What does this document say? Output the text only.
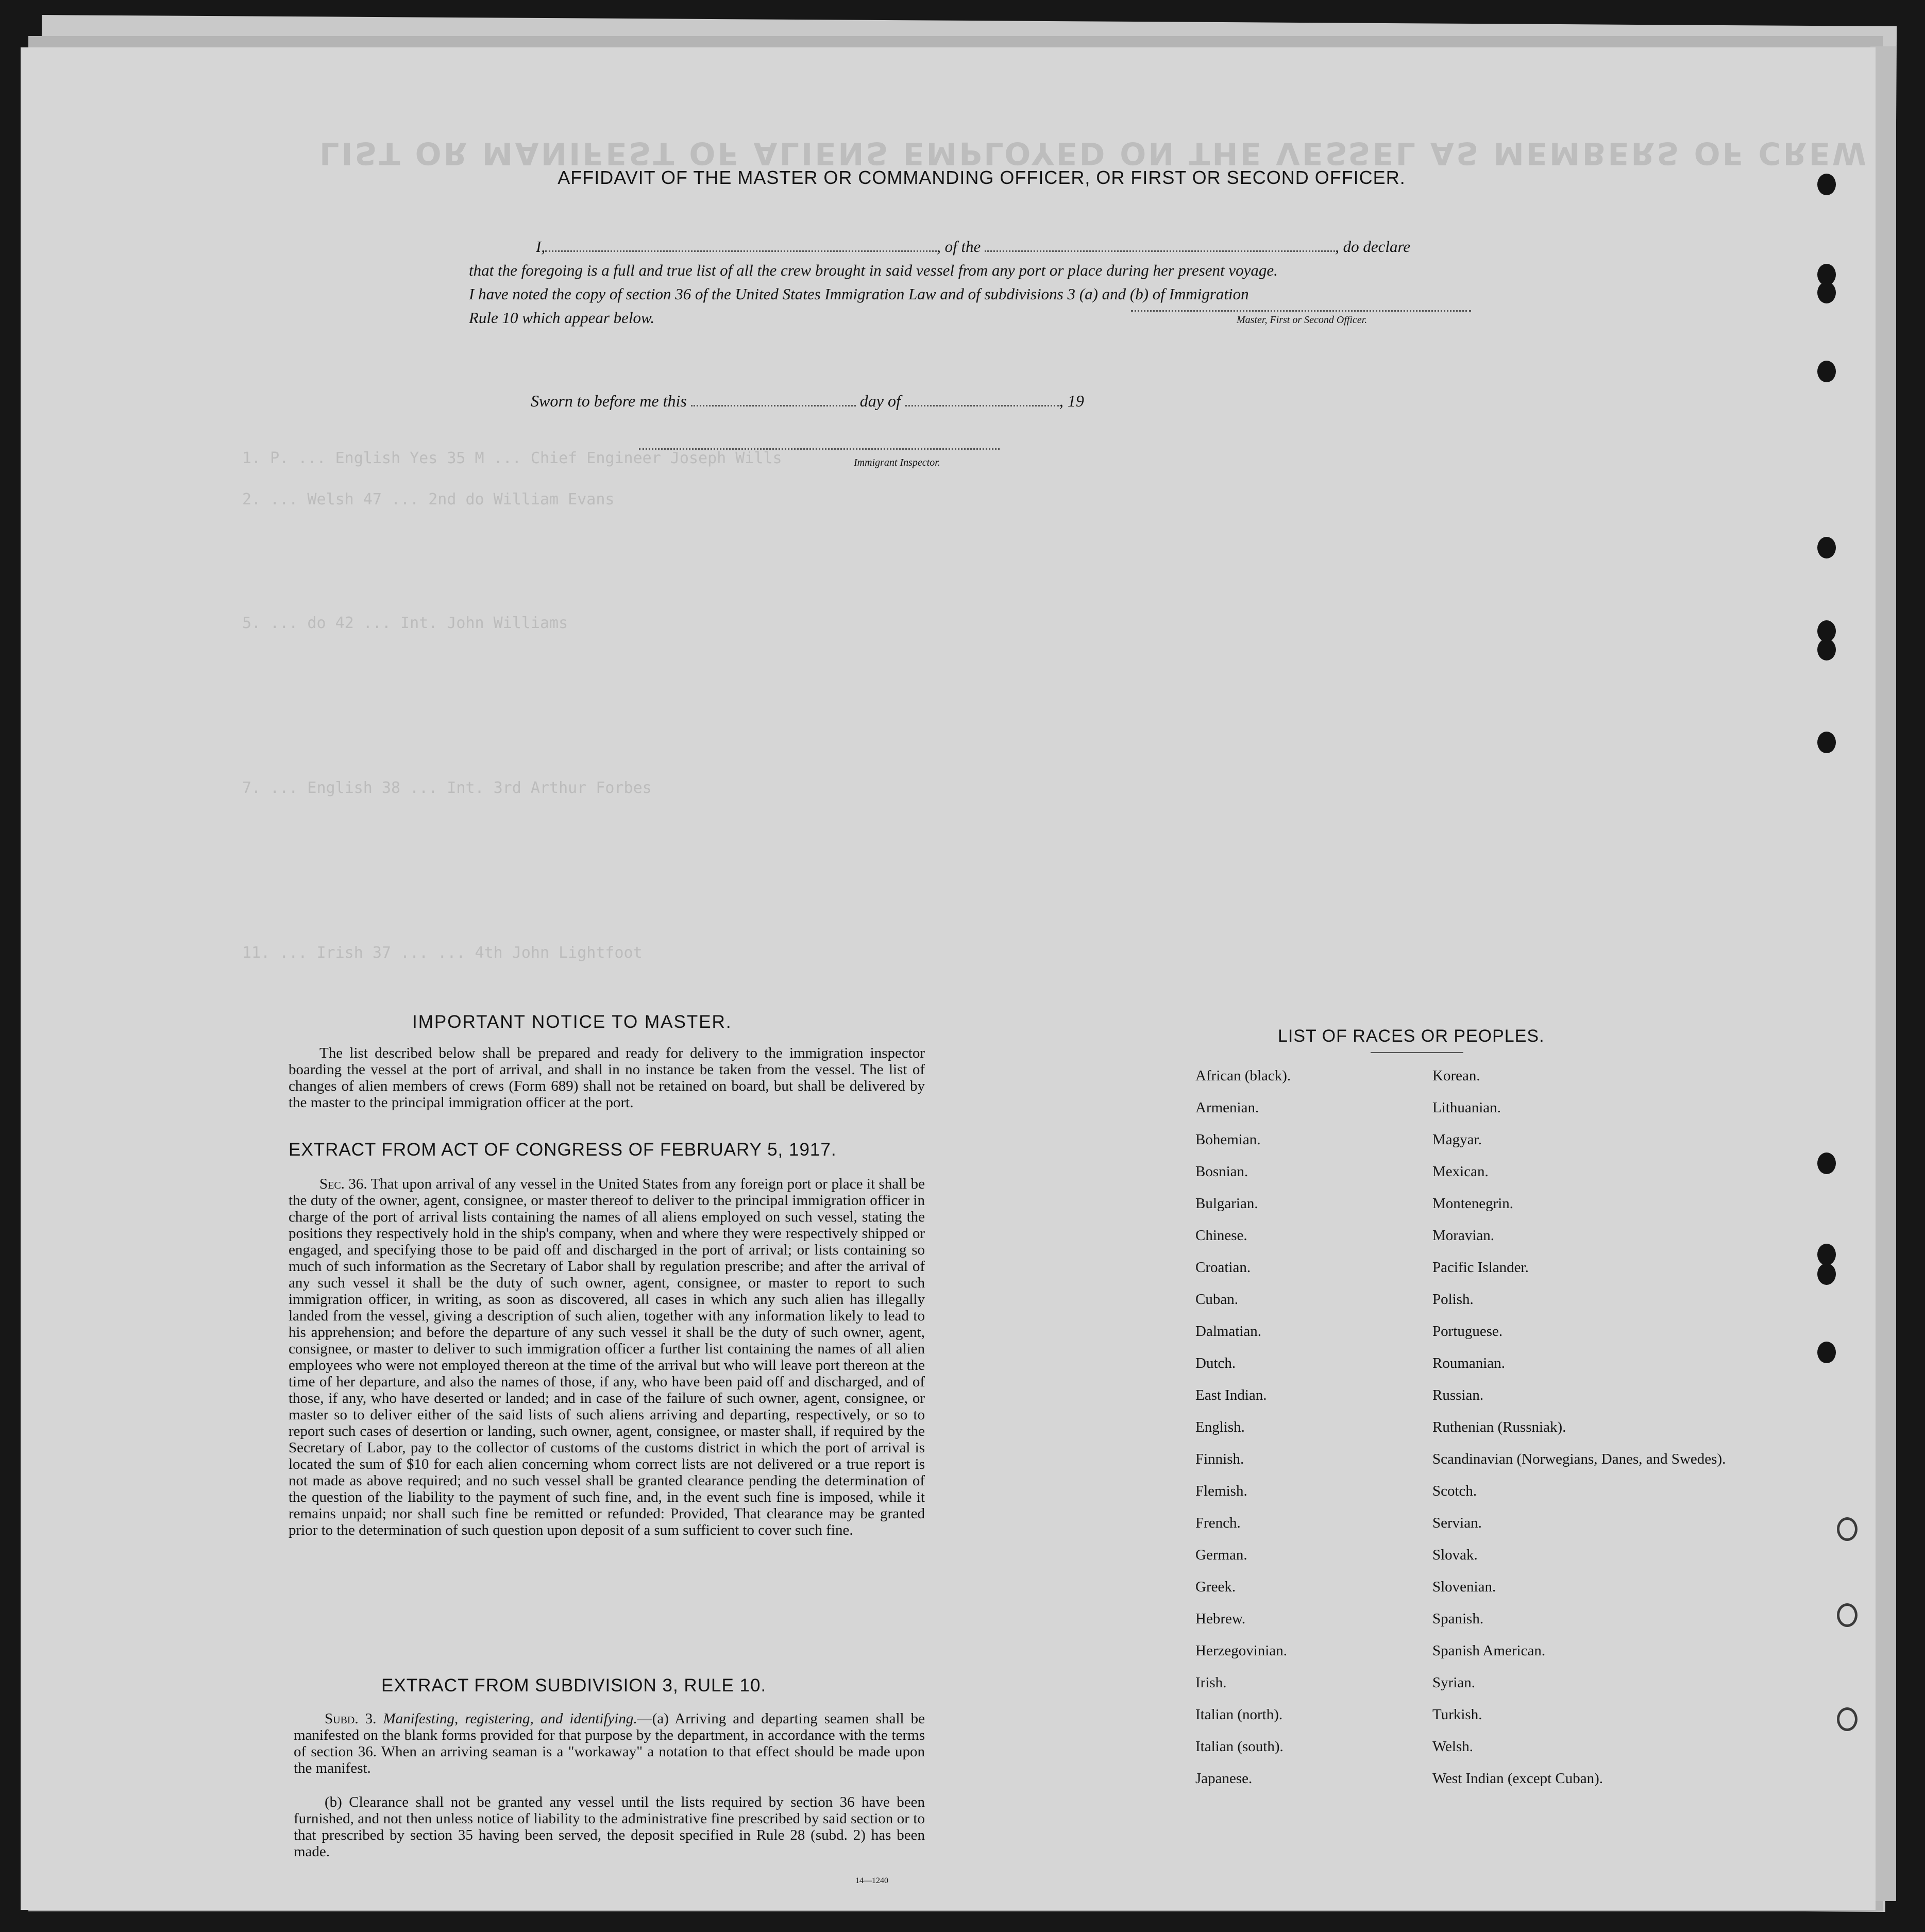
LIST OR MANIFEST OF ALIENS EMPLOYED ON THE VESSEL AS MEMBERS OF CREW
1. P. ... English Yes 35 M ... Chief Engineer Joseph Wills
2. ... Welsh 47 ... 2nd do William Evans
5. ... do 42 ... Int. John Williams
7. ... English 38 ... Int. 3rd Arthur Forbes
11. ... Irish 37 ... ... 4th John Lightfoot
AFFIDAVIT OF THE MASTER OR COMMANDING OFFICER, OR FIRST OR SECOND OFFICER.
I,	, of the	, do declare
that the foregoing is a full and true list of all the crew brought in said vessel from any port or place during her present voyage.
I have noted the copy of section 36 of the United States Immigration Law and of subdivisions 3 (a) and (b) of Immigration
Rule 10 which appear below.	Master, First or Second Officer.
Sworn to before me this	day of	, 19
Immigrant Inspector.
IMPORTANT NOTICE TO MASTER.
The list described below shall be prepared and ready for delivery to the immigration inspector boarding the vessel at the port of arrival, and shall in no instance be taken from the vessel. The list of changes of alien members of crews (Form 689) shall not be retained on board, but shall be delivered by the master to the principal immigration officer at the port.
EXTRACT FROM ACT OF CONGRESS OF FEBRUARY 5, 1917.
Sec. 36. That upon arrival of any vessel in the United States from any foreign port or place it shall be the duty of the owner, agent, consignee, or master thereof to deliver to the principal immigration officer in charge of the port of arrival lists containing the names of all aliens employed on such vessel, stating the positions they respectively hold in the ship's company, when and where they were respectively shipped or engaged, and specifying those to be paid off and discharged in the port of arrival; or lists containing so much of such information as the Secretary of Labor shall by regulation prescribe; and after the arrival of any such vessel it shall be the duty of such owner, agent, consignee, or master to report to such immigration officer, in writing, as soon as discovered, all cases in which any such alien has illegally landed from the vessel, giving a description of such alien, together with any information likely to lead to his apprehension; and before the departure of any such vessel it shall be the duty of such owner, agent, consignee, or master to deliver to such immigration officer a further list containing the names of all alien employees who were not employed thereon at the time of the arrival but who will leave port thereon at the time of her departure, and also the names of those, if any, who have been paid off and discharged, and of those, if any, who have deserted or landed; and in case of the failure of such owner, agent, consignee, or master so to deliver either of the said lists of such aliens arriving and departing, respectively, or so to report such cases of desertion or landing, such owner, agent, consignee, or master shall, if required by the Secretary of Labor, pay to the collector of customs of the customs district in which the port of arrival is located the sum of $10 for each alien concerning whom correct lists are not delivered or a true report is not made as above required; and no such vessel shall be granted clearance pending the determination of the question of the liability to the payment of such fine, and, in the event such fine is imposed, while it remains unpaid; nor shall such fine be remitted or refunded: Provided, That clearance may be granted prior to the determination of such question upon deposit of a sum sufficient to cover such fine.
EXTRACT FROM SUBDIVISION 3, RULE 10.
Subd. 3. Manifesting, registering, and identifying.—(a) Arriving and departing seamen shall be manifested on the blank forms provided for that purpose by the department, in accordance with the terms of section 36. When an arriving seaman is a "workaway" a notation to that effect should be made upon the manifest.
(b) Clearance shall not be granted any vessel until the lists required by section 36 have been furnished, and not then unless notice of liability to the administrative fine prescribed by said section or to that prescribed by section 35 having been served, the deposit specified in Rule 28 (subd. 2) has been made.
LIST OF RACES OR PEOPLES.
African (black).
Armenian.
Bohemian.
Bosnian.
Bulgarian.
Chinese.
Croatian.
Cuban.
Dalmatian.
Dutch.
East Indian.
English.
Finnish.
Flemish.
French.
German.
Greek.
Hebrew.
Herzegovinian.
Irish.
Italian (north).
Italian (south).
Japanese.
Korean.
Lithuanian.
Magyar.
Mexican.
Montenegrin.
Moravian.
Pacific Islander.
Polish.
Portuguese.
Roumanian.
Russian.
Ruthenian (Russniak).
Scandinavian (Norwegians, Danes, and Swedes).
Scotch.
Servian.
Slovak.
Slovenian.
Spanish.
Spanish American.
Syrian.
Turkish.
Welsh.
West Indian (except Cuban).
14—1240
